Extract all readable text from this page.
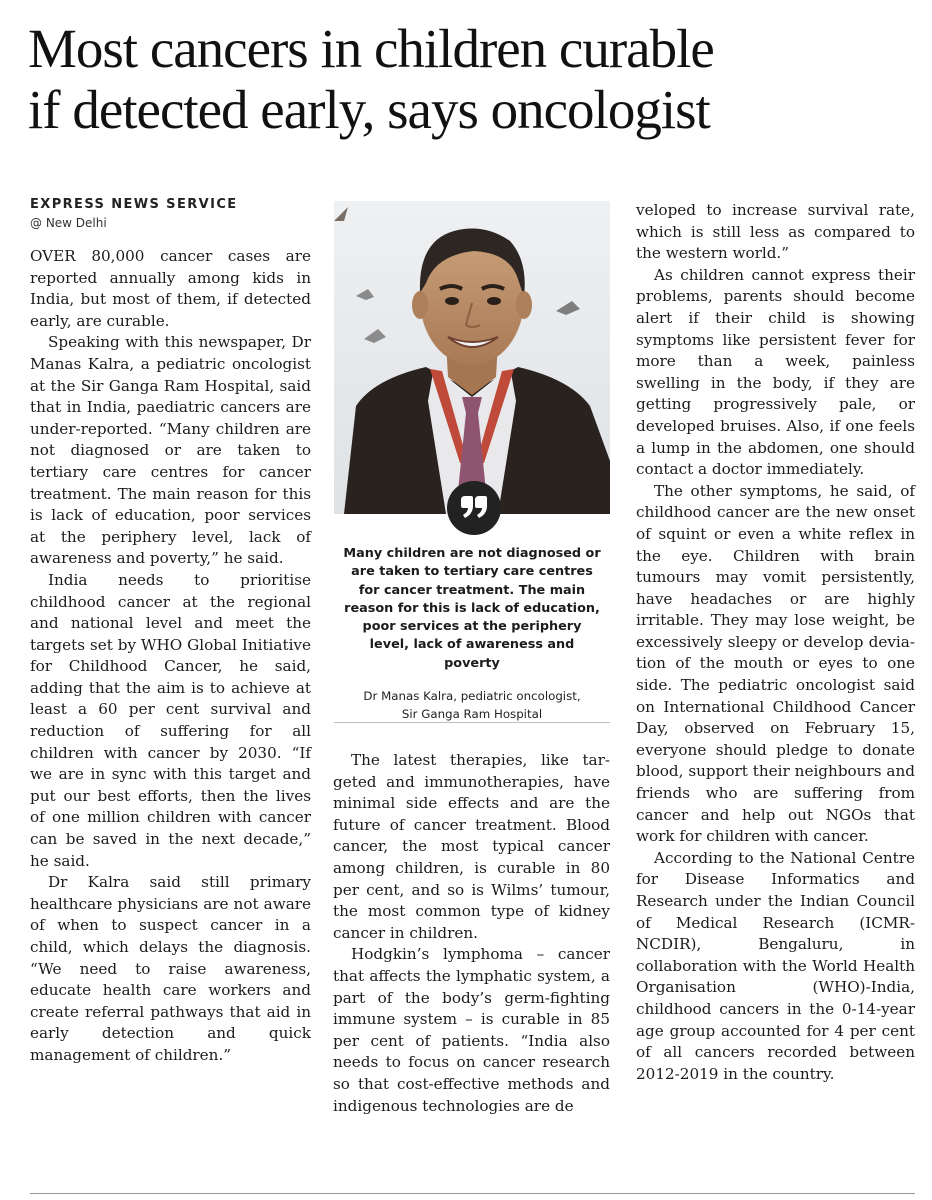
Most cancers in children curable
if detected early, says oncologist
EXPRESS NEWS SERVICE
@ New Delhi

OVER 80,000 cancer cases are reported annually among kids in India, but most of them, if detected early, are curable.

Speaking with this newspaper, Dr Manas Kalra, a pediatric oncologist at the Sir Ganga Ram Hospital, said that in India, paediatric cancers are under-reported. “Many children are not diagnosed or are taken to tertiary care centres for cancer treatment. The main reason for this is lack of education, poor services at the periphery level, lack of awareness and poverty,” he said.

India needs to prioritise childhood cancer at the regional and national level and meet the targets set by WHO Global Initiative for Childhood Cancer, he said, adding that the aim is to achieve at least a 60 per cent survival and reduction of suffering for all children with cancer by 2030. “If we are in sync with this target and put our best efforts, then the lives of one million children with cancer can be saved in the next decade,” he said.

Dr Kalra said still primary healthcare physicians are not aware of when to suspect cancer in a child, which delays the diagnosis. “We need to raise awareness, educate health care workers and create referral pathways that aid in early detection and quick management of children.”

Many children are not diagnosed or are taken to tertiary care centres for cancer treatment. The main reason for this is lack of education, poor services at the periphery level, lack of awareness and poverty
Dr Manas Kalra, pediatric oncologist,
Sir Ganga Ram Hospital

The latest therapies, like targeted and immunotherapies, have minimal side effects and are the future of cancer treatment. Blood cancer, the most typical cancer among children, is curable in 80 per cent, and so is Wilms’ tumour, the most common type of kidney cancer in children.

Hodgkin’s lymphoma – cancer that affects the lymphatic system, a part of the body’s germ-fighting immune system – is curable in 85 per cent of patients. “India also needs to focus on cancer research so that cost-effective methods and indigenous technologies are de

veloped to increase survival rate, which is still less as compared to the western world.”

As children cannot express their problems, parents should become alert if their child is showing symptoms like persistent fever for more than a week, painless swelling in the body, if they are getting progressively pale, or developed bruises. Also, if one feels a lump in the abdomen, one should contact a doctor immediately.

The other symptoms, he said, of childhood cancer are the new onset of squint or even a white reflex in the eye. Children with brain tumours may vomit persistently, have headaches or are highly irritable. They may lose weight, be excessively sleepy or develop deviation of the mouth or eyes to one side. The pediatric oncologist said on International Childhood Cancer Day, observed on February 15, everyone should pledge to donate blood, support their neighbours and friends who are suffering from cancer and help out NGOs that work for children with cancer.

According to the National Centre for Disease Informatics and Research under the Indian Council of Medical Research (ICMR-NCDIR), Bengaluru, in collaboration with the World Health Organisation (WHO)-India, childhood cancers in the 0-14-year age group accounted for 4 per cent of all cancers recorded between 2012-2019 in the country.
